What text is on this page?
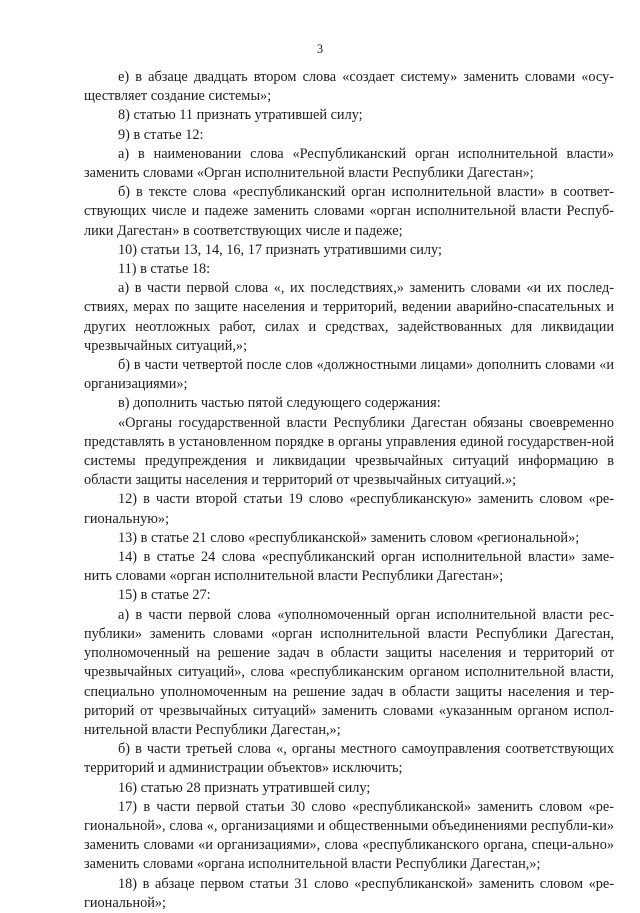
3

е) в абзаце двадцать втором слова «создает систему» заменить словами «осу-ществляет создание системы»;

8) статью 11 признать утратившей силу;

9) в статье 12:

а) в наименовании слова «Республиканский орган исполнительной власти» заменить словами «Орган исполнительной власти Республики Дагестан»;

б) в тексте слова «республиканский орган исполнительной власти» в соответ-ствующих числе и падеже заменить словами «орган исполнительной власти Респуб-лики Дагестан» в соответствующих числе и падеже;

10) статьи 13, 14, 16, 17 признать утратившими силу;

11) в статье 18:

а) в части первой слова «, их последствиях,» заменить словами «и их послед-ствиях, мерах по защите населения и территорий, ведении аварийно-спасательных и других неотложных работ, силах и средствах, задействованных для ликвидации чрезвычайных ситуаций,»;

б) в части четвертой после слов «должностными лицами» дополнить словами «и организациями»;

в) дополнить частью пятой следующего содержания:

«Органы государственной власти Республики Дагестан обязаны своевременно представлять в установленном порядке в органы управления единой государствен-ной системы предупреждения и ликвидации чрезвычайных ситуаций информацию в области защиты населения и территорий от чрезвычайных ситуаций.»;

12) в части второй статьи 19 слово «республиканскую» заменить словом «ре-гиональную»;

13) в статье 21 слово «республиканской» заменить словом «региональной»;

14) в статье 24 слова «республиканский орган исполнительной власти» заме-нить словами «орган исполнительной власти Республики Дагестан»;

15) в статье 27:

а) в части первой слова «уполномоченный орган исполнительной власти рес-публики» заменить словами «орган исполнительной власти Республики Дагестан, уполномоченный на решение задач в области защиты населения и территорий от чрезвычайных ситуаций», слова «республиканским органом исполнительной власти, специально уполномоченным на решение задач в области защиты населения и тер-риторий от чрезвычайных ситуаций» заменить словами «указанным органом испол-нительной власти Республики Дагестан,»;

б) в части третьей слова «, органы местного самоуправления соответствующих территорий и администрации объектов» исключить;

16) статью 28 признать утратившей силу;

17) в части первой статьи 30 слово «республиканской» заменить словом «ре-гиональной», слова «, организациями и общественными объединениями республи-ки» заменить словами «и организациями», слова «республиканского органа, специ-ально» заменить словами «органа исполнительной власти Республики Дагестан,»;

18) в абзаце первом статьи 31 слово «республиканской» заменить словом «ре-гиональной»;
